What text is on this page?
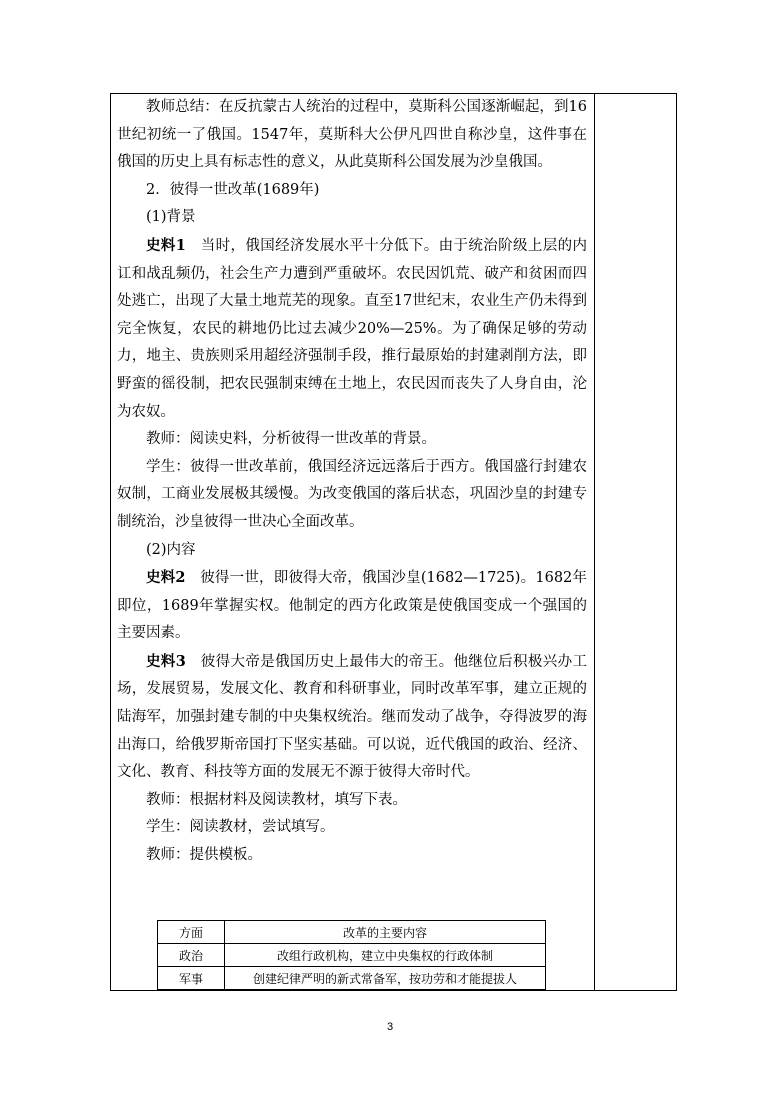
教师总结：在反抗蒙古人统治的过程中，莫斯科公国逐渐崛起，到16世纪初统一了俄国。1547年，莫斯科大公伊凡四世自称沙皇，这件事在俄国的历史上具有标志性的意义，从此莫斯科公国发展为沙皇俄国。

2．彼得一世改革(1689年)

(1)背景

史料1  当时，俄国经济发展水平十分低下。由于统治阶级上层的内讧和战乱频仍，社会生产力遭到严重破坏。农民因饥荒、破产和贫困而四处逃亡，出现了大量土地荒芜的现象。直至17世纪末，农业生产仍未得到完全恢复，农民的耕地仍比过去减少20%—25%。为了确保足够的劳动力，地主、贵族则采用超经济强制手段，推行最原始的封建剥削方法，即野蛮的徭役制，把农民强制束缚在土地上，农民因而丧失了人身自由，沦为农奴。

教师：阅读史料，分析彼得一世改革的背景。

学生：彼得一世改革前，俄国经济远远落后于西方。俄国盛行封建农奴制，工商业发展极其缓慢。为改变俄国的落后状态，巩固沙皇的封建专制统治，沙皇彼得一世决心全面改革。

(2)内容

史料2  彼得一世，即彼得大帝，俄国沙皇(1682—1725)。1682年即位，1689年掌握实权。他制定的西方化政策是使俄国变成一个强国的主要因素。

史料3  彼得大帝是俄国历史上最伟大的帝王。他继位后积极兴办工场，发展贸易，发展文化、教育和科研事业，同时改革军事，建立正规的陆海军，加强封建专制的中央集权统治。继而发动了战争，夺得波罗的海出海口，给俄罗斯帝国打下坚实基础。可以说，近代俄国的政治、经济、文化、教育、科技等方面的发展无不源于彼得大帝时代。

教师：根据材料及阅读教材，填写下表。

学生：阅读教材，尝试填写。

教师：提供模板。

方面	改革的主要内容
政治	改组行政机构，建立中央集权的行政体制
军事	创建纪律严明的新式常备军，按功劳和才能提拔人
3
